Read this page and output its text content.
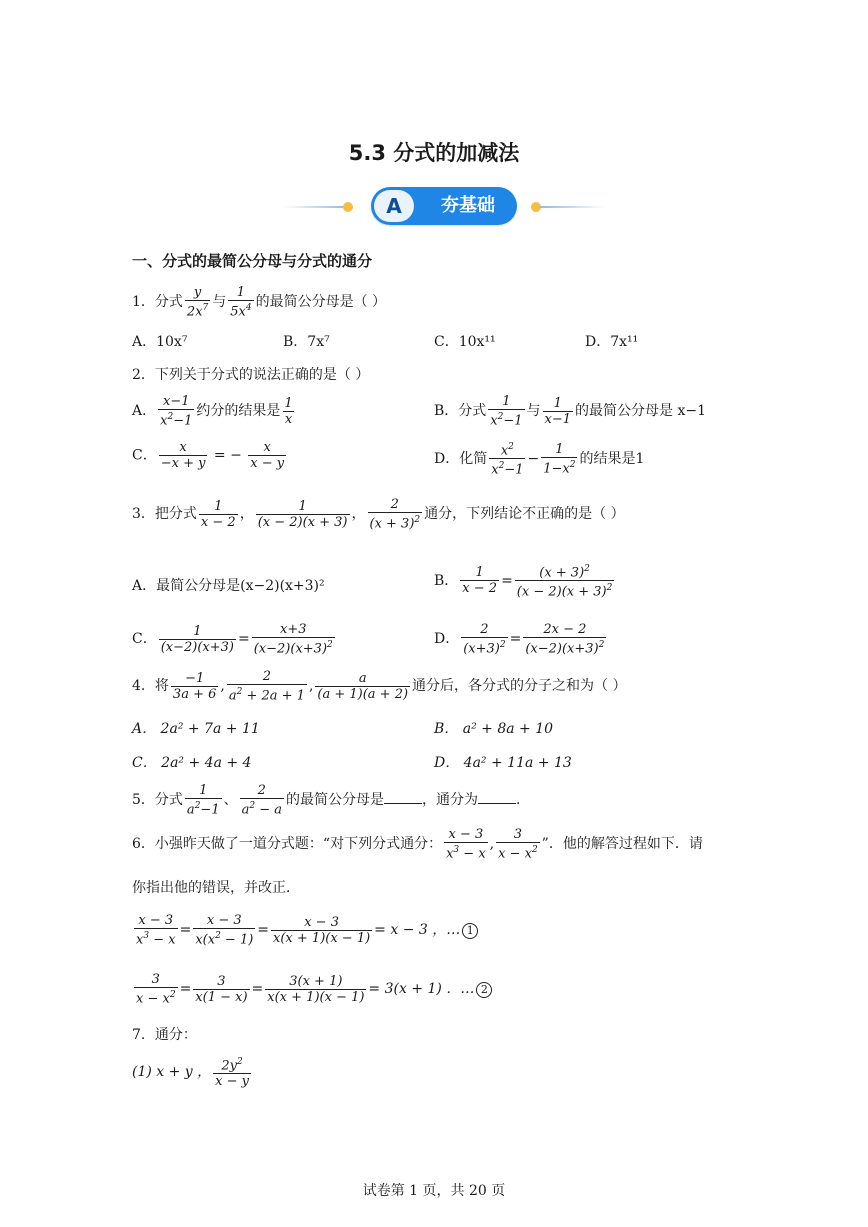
5.3 分式的加减法
A	夯基础
一、分式的最简公分母与分式的通分
1．分式 $\frac{y}{2x^7}$ 与 $\frac{1}{5x^4}$ 的最简公分母是（ ）
A．10x⁷	B．7x⁷	C．10x¹¹	D．7x¹¹
2．下列关于分式的说法正确的是（ ）
A． $\frac{x-1}{x^2-1}$ 约分的结果是 $\frac{1}{x}$	B．分式 $\frac{1}{x^2-1}$ 与 $\frac{1}{x-1}$ 的最简公分母是 x−1
C． $\frac{x}{-x + y}$ = − $\frac{x}{x - y}$	D．化简 $\frac{x^2}{x^2-1} - \frac{1}{1-x^2}$ 的结果是1
3．把分式 $\frac{1}{x - 2}$ ， $\frac{1}{(x - 2)(x + 3)}$ ， $\frac{2}{(x + 3)^2}$ 通分，下列结论不正确的是（ ）
A．最简公分母是(x−2)(x+3)²	B． $\frac{1}{x - 2} = \frac{(x + 3)^2}{(x - 2)(x + 3)^2}$
C． $\frac{1}{(x-2)(x+3)} = \frac{x+3}{(x-2)(x+3)^2}$	D． $\frac{2}{(x+3)^2} = \frac{2x - 2}{(x-2)(x+3)^2}$
4．将 $\frac{-1}{3a + 6}$ , $\frac{2}{a^2 + 2a + 1}$ , $\frac{a}{(a + 1)(a + 2)}$ 通分后，各分式的分子之和为（ ）
A． 2a² + 7a + 11	B． a² + 8a + 10
C． 2a² + 4a + 4	D． 4a² + 11a + 13
5．分式 $\frac{1}{a^2-1}$ 、 $\frac{2}{a^2 - a}$ 的最简公分母是	，通分为	.
6．小强昨天做了一道分式题：“对下列分式通分： $\frac{x - 3}{x^3 - x}$ , $\frac{3}{x - x^2}$ ”．他的解答过程如下．请
你指出他的错误，并改正．
$\frac{x - 3}{x^3 - x} = \frac{x - 3}{x(x^2 - 1)} = \frac{x - 3}{x(x + 1)(x - 1)} = x - 3$ ，… 1
$\frac{3}{x - x^2} = \frac{3}{x(1 - x)} = \frac{3(x + 1)}{x(x + 1)(x - 1)} = 3(x + 1)$ ．… 2
7．通分：
(1) x + y ， $\frac{2y^2}{x - y}$
试卷第 1 页，共 20 页
